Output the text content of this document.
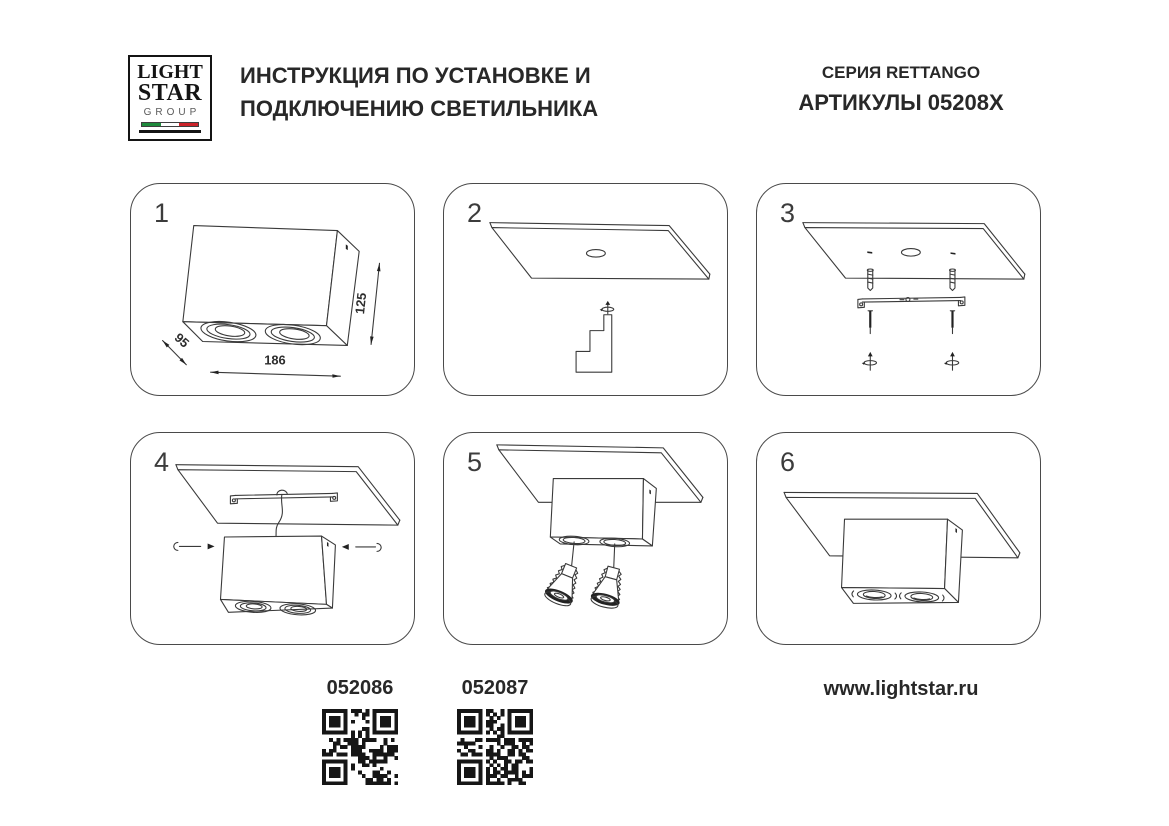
LIGHT
STAR
GROUP
ИНСТРУКЦИЯ ПО УСТАНОВКЕ И
ПОДКЛЮЧЕНИЮ СВЕТИЛЬНИКА
СЕРИЯ RETTANGO
АРТИКУЛЫ 05208X
1
125
186
95
2	3
4	5	6
052086	052087	www.lightstar.ru
